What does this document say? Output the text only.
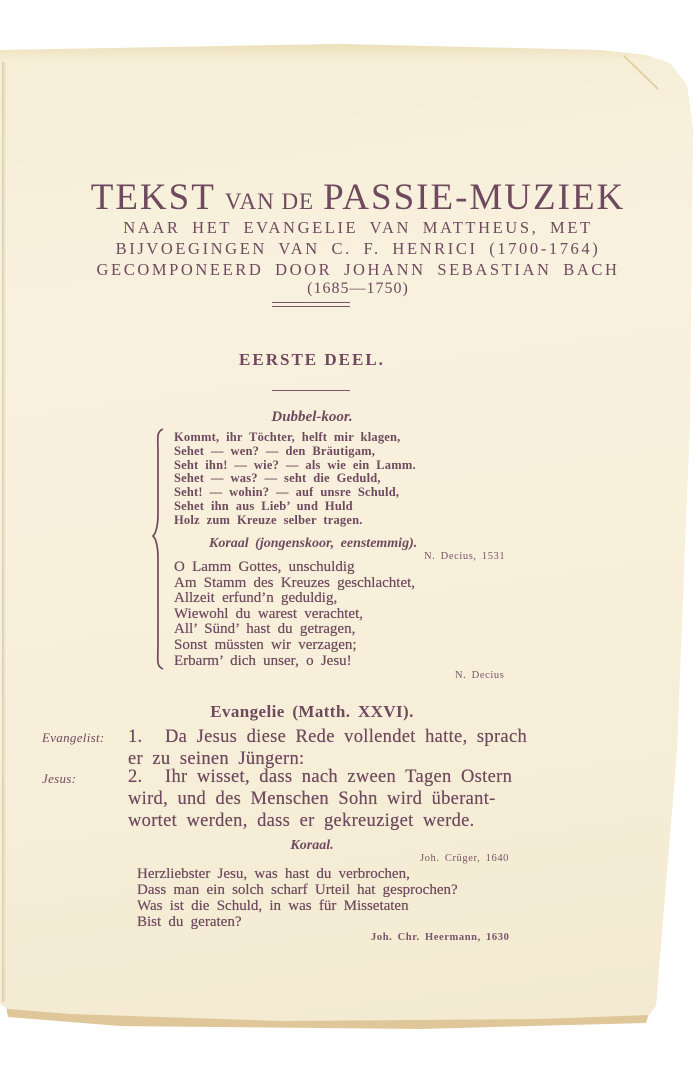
TEKST VAN DE PASSIE-MUZIEK
NAAR HET EVANGELIE VAN MATTHEUS, MET
BIJVOEGINGEN VAN C. F. HENRICI (1700-1764)
GECOMPONEERD DOOR JOHANN SEBASTIAN BACH
(1685—1750)
EERSTE DEEL.
Dubbel-koor.
Kommt, ihr Töchter, helft mir klagen,
Sehet — wen? — den Bräutigam,
Seht ihn! — wie? — als wie ein Lamm.
Sehet — was? — seht die Geduld,
Seht! — wohin? — auf unsre Schuld,
Sehet ihn aus Lieb’ und Huld
Holz zum Kreuze selber tragen.
Koraal (jongenskoor, eenstemmig).
N. Decius, 1531
O Lamm Gottes, unschuldig
Am Stamm des Kreuzes geschlachtet,
Allzeit erfund’n geduldig,
Wiewohl du warest verachtet,
All’ Sünd’ hast du getragen,
Sonst müssten wir verzagen;
Erbarm’ dich unser, o Jesu!
N. Decius
Evangelie (Matth. XXVI).
Evangelist: 1. Da Jesus diese Rede vollendet hatte, sprach
er zu seinen Jüngern:
Jesus:	2. Ihr wisset, dass nach zween Tagen Ostern
wird, und des Menschen Sohn wird überant-
wortet werden, dass er gekreuziget werde.
Koraal.
Joh. Crüger, 1640
Herzliebster Jesu, was hast du verbrochen,
Dass man ein solch scharf Urteil hat gesprochen?
Was ist die Schuld, in was für Missetaten
Bist du geraten?
Joh. Chr. Heermann, 1630
